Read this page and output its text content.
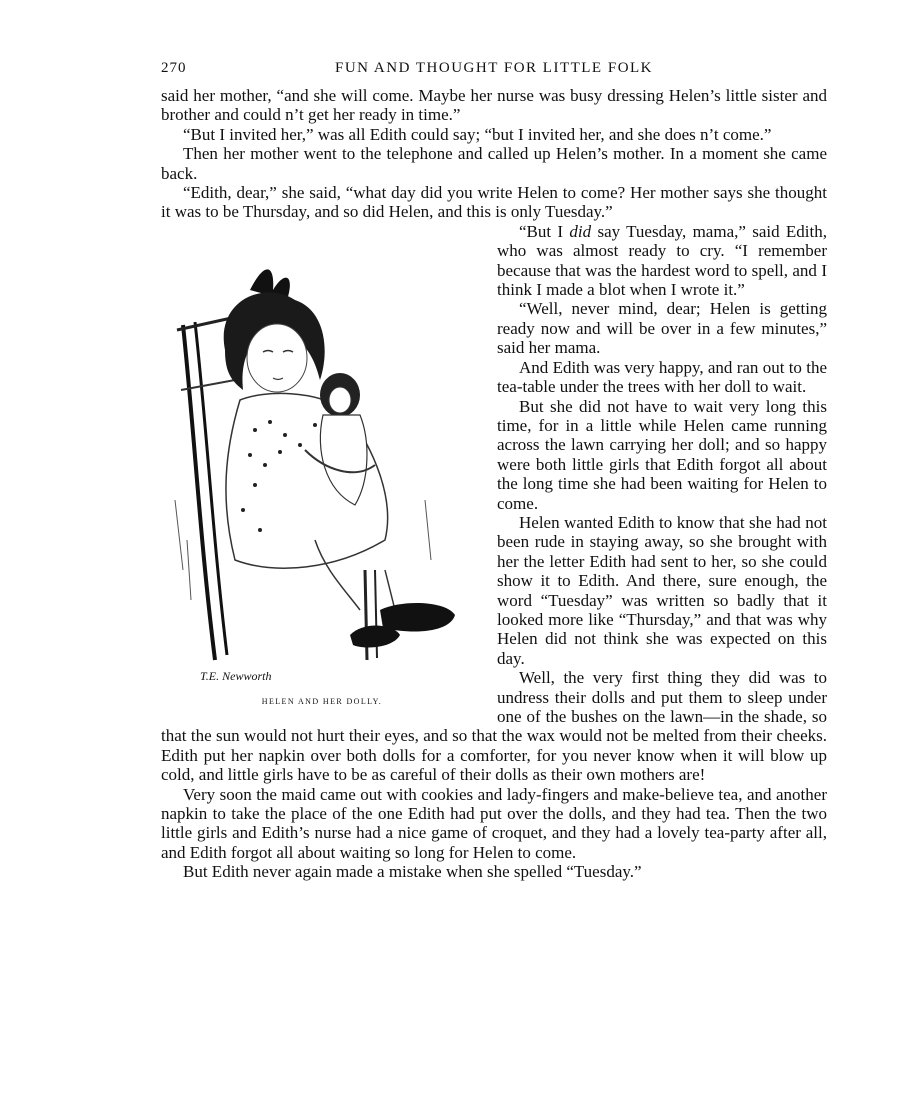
270	FUN AND THOUGHT FOR LITTLE FOLK

said her mother, “and she will come. Maybe her nurse was busy dressing Helen’s little sister and brother and could n’t get her ready in time.”

“But I invited her,” was all Edith could say; “but I invited her, and she does n’t come.”

Then her mother went to the telephone and called up Helen’s mother. In a moment she came back.

“Edith, dear,” she said, “what day did you write Helen to come? Her mother says she thought it was to be Thursday, and so did Helen, and this is only Tuesday.”

T.E. Newworth
HELEN AND HER DOLLY.

“But I did say Tuesday, mama,” said Edith, who was almost ready to cry. “I remember because that was the hardest word to spell, and I think I made a blot when I wrote it.”

“Well, never mind, dear; Helen is getting ready now and will be over in a few minutes,” said her mama.

And Edith was very happy, and ran out to the tea-table under the trees with her doll to wait.

But she did not have to wait very long this time, for in a little while Helen came running across the lawn carrying her doll; and so happy were both little girls that Edith forgot all about the long time she had been waiting for Helen to come.

Helen wanted Edith to know that she had not been rude in staying away, so she brought with her the letter Edith had sent to her, so she could show it to Edith. And there, sure enough, the word “Tuesday” was written so badly that it looked more like “Thursday,” and that was why Helen did not think she was expected on this day.

Well, the very first thing they did was to undress their dolls and put them to sleep under one of the bushes on the lawn—in the shade, so that the sun would not hurt their eyes, and so that the wax would not be melted from their cheeks. Edith put her napkin over both dolls for a comforter, for you never know when it will blow up cold, and little girls have to be as careful of their dolls as their own mothers are!

Very soon the maid came out with cookies and lady-fingers and make-believe tea, and another napkin to take the place of the one Edith had put over the dolls, and they had tea. Then the two little girls and Edith’s nurse had a nice game of croquet, and they had a lovely tea-party after all, and Edith forgot all about waiting so long for Helen to come.

But Edith never again made a mistake when she spelled “Tuesday.”
